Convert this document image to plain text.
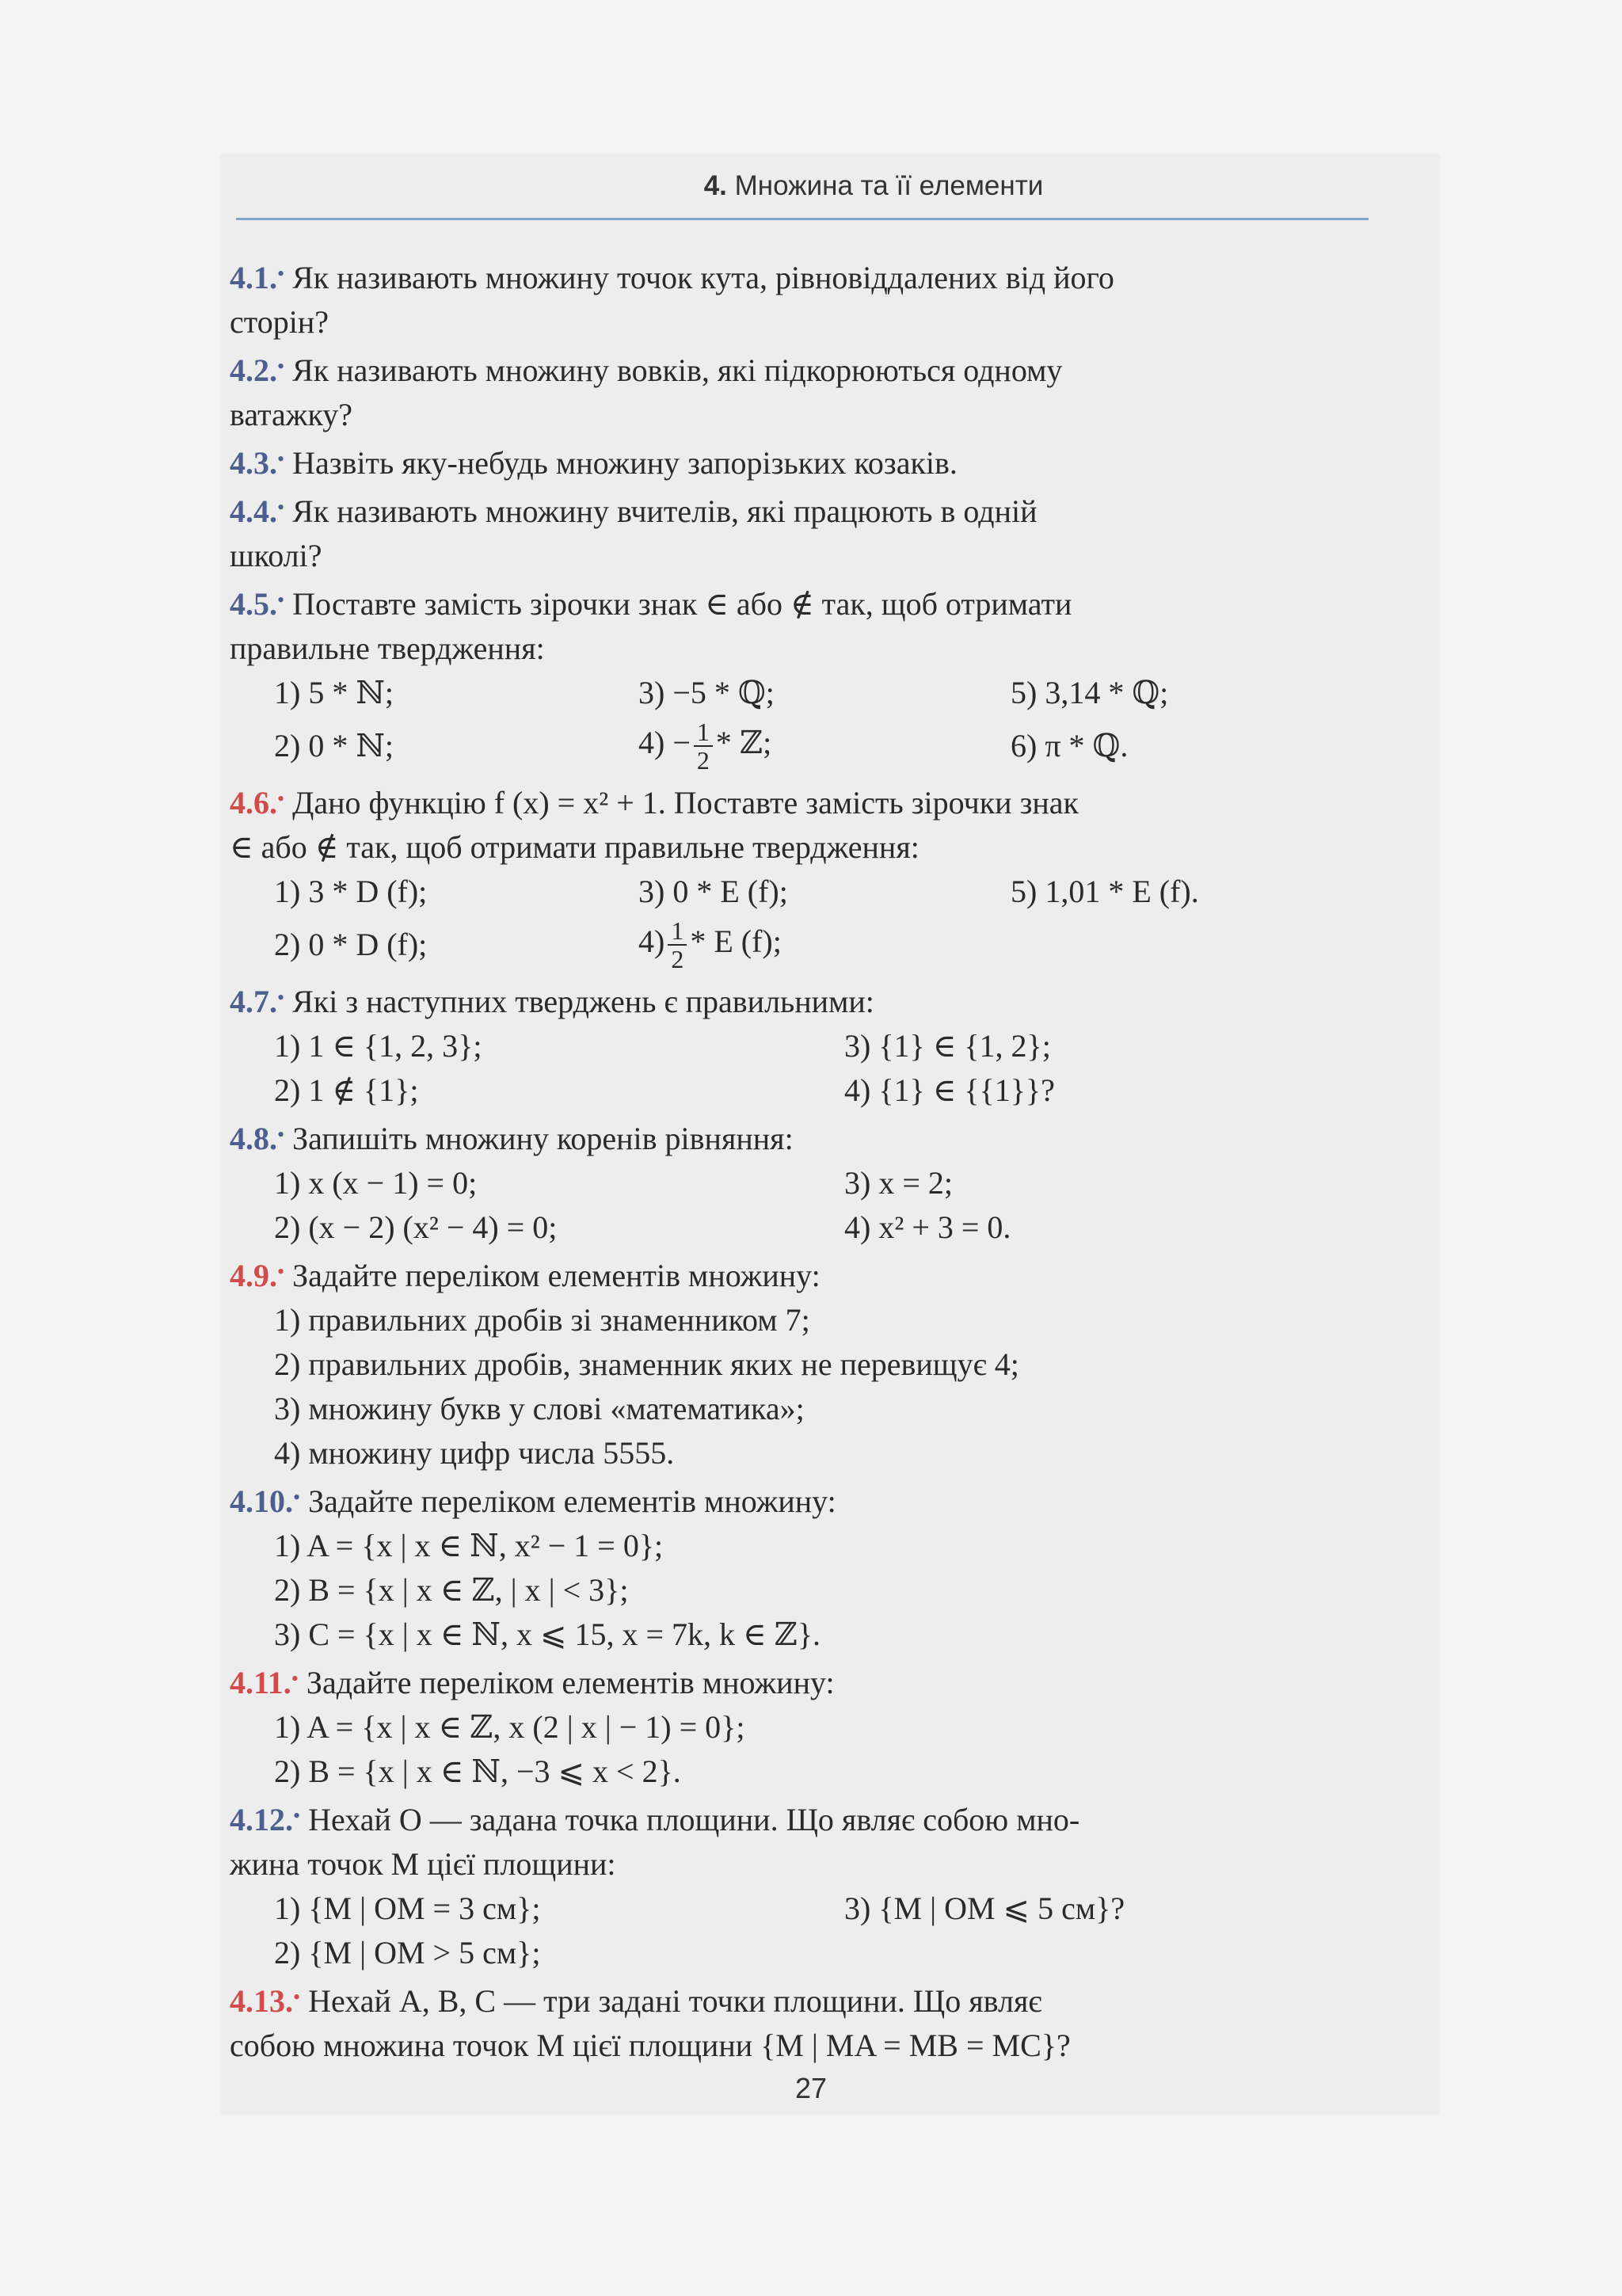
4. Множина та її елементи

4.1.• Як називають множину точок кута, рівновіддалених від його

сторін?

4.2.• Як називають множину вовків, які підкорюються одному

ватажку?

4.3.• Назвіть яку-небудь множину запорізьких козаків.

4.4.• Як називають множину вчителів, які працюють в одній

школі?

4.5.• Поставте замість зірочки знак ∈ або ∉ так, щоб отримати

правильне твердження:

1) 5 * ℕ;	3) −5 * ℚ;	5) 3,14 * ℚ;
2) 0 * ℕ;	$4) - \frac{1}{2}$ * ℤ;	6) π * ℚ.

4.6.• Дано функцію f (x) = x² + 1. Поставте замість зірочки знак

∈ або ∉ так, щоб отримати правильне твердження:

1) 3 * D (f);	3) 0 * E (f);	5) 1,01 * E (f).
2) 0 * D (f);	$4) \frac{1}{2}$ * E (f);

4.7.• Які з наступних тверджень є правильними:

1) 1 ∈ {1, 2, 3};	3) {1} ∈ {1, 2};
2) 1 ∉ {1};	4) {1} ∈ {{1}}?

4.8.• Запишіть множину коренів рівняння:

1) x (x − 1) = 0;	3) x = 2;
2) (x − 2) (x² − 4) = 0;	4) x² + 3 = 0.

4.9.• Задайте переліком елементів множину:

1) правильних дробів зі знаменником 7;

2) правильних дробів, знаменник яких не перевищує 4;

3) множину букв у слові «математика»;

4) множину цифр числа 5555.

4.10.• Задайте переліком елементів множину:

1) A = {x | x ∈ ℕ, x² − 1 = 0};

2) B = {x | x ∈ ℤ, | x | < 3};

3) C = {x | x ∈ ℕ, x ⩽ 15, x = 7k, k ∈ ℤ}.

4.11.• Задайте переліком елементів множину:

1) A = {x | x ∈ ℤ, x (2 | x | − 1) = 0};

2) B = {x | x ∈ ℕ, −3 ⩽ x < 2}.

4.12.• Нехай O — задана точка площини. Що являє собою мно-

жина точок M цієї площини:

1) {M | OM = 3 см};	3) {M | OM ⩽ 5 см}?
2) {M | OM > 5 см};

4.13.• Нехай A, B, C — три задані точки площини. Що являє

собою множина точок M цієї площини {M | MA = MB = MC}?

27
